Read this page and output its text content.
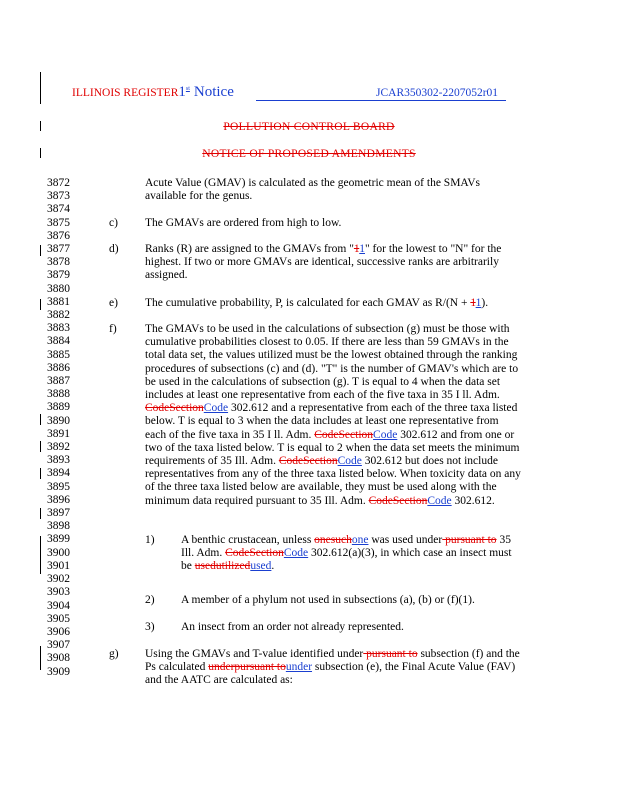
ILLINOIS REGISTER1st Notice	JCAR350302-2207052r01
POLLUTION CONTROL BOARD
NOTICE OF PROPOSED AMENDMENTS
3872
3873
3874
3875
3876
3877
3878
3879
3880
3881
3882
3883
3884
3885
3886
3887
3888
3889
3890
3891
3892
3893
3894
3895
3896
3897
3898
3899
3900
3901
3902
3903
3904
3905
3906
3907
3908
3909
Acute Value (GMAV) is calculated as the geometric mean of the SMAVs
available for the genus.
c) The GMAVs are ordered from high to low.
d) Ranks (R) are assigned to the GMAVs from "11" for the lowest to "N" for the
highest. If two or more GMAVs are identical, successive ranks are arbitrarily
assigned.
e) The cumulative probability, P, is calculated for each GMAV as R/(N + 11).
f) The GMAVs to be used in the calculations of subsection (g) must be those with
cumulative probabilities closest to 0.05. If there are less than 59 GMAVs in the
total data set, the values utilized must be the lowest obtained through the ranking
procedures of subsections (c) and (d). "T" is the number of GMAV's which are to
be used in the calculations of subsection (g). T is equal to 4 when the data set
includes at least one representative from each of the five taxa in 35 I ll. Adm.
CodeSectionCode 302.612 and a representative from each of the three taxa listed
below. T is equal to 3 when the data includes at least one representative from
each of the five taxa in 35 I ll. Adm. CodeSectionCode 302.612 and from one or
two of the taxa listed below. T is equal to 2 when the data set meets the minimum
requirements of 35 Ill. Adm. CodeSectionCode 302.612 but does not include
representatives from any of the three taxa listed below. When toxicity data on any
of the three taxa listed below are available, they must be used along with the
minimum data required pursuant to 35 Ill. Adm. CodeSectionCode 302.612.
1) A benthic crustacean, unless onesuchone was used under pursuant to 35
Ill. Adm. CodeSectionCode 302.612(a)(3), in which case an insect must
be usedutilizedused.
2) A member of a phylum not used in subsections (a), (b) or (f)(1).
3) An insect from an order not already represented.
g) Using the GMAVs and T-value identified under pursuant to subsection (f) and the
Ps calculated underpursuant tounder subsection (e), the Final Acute Value (FAV)
and the AATC are calculated as:
